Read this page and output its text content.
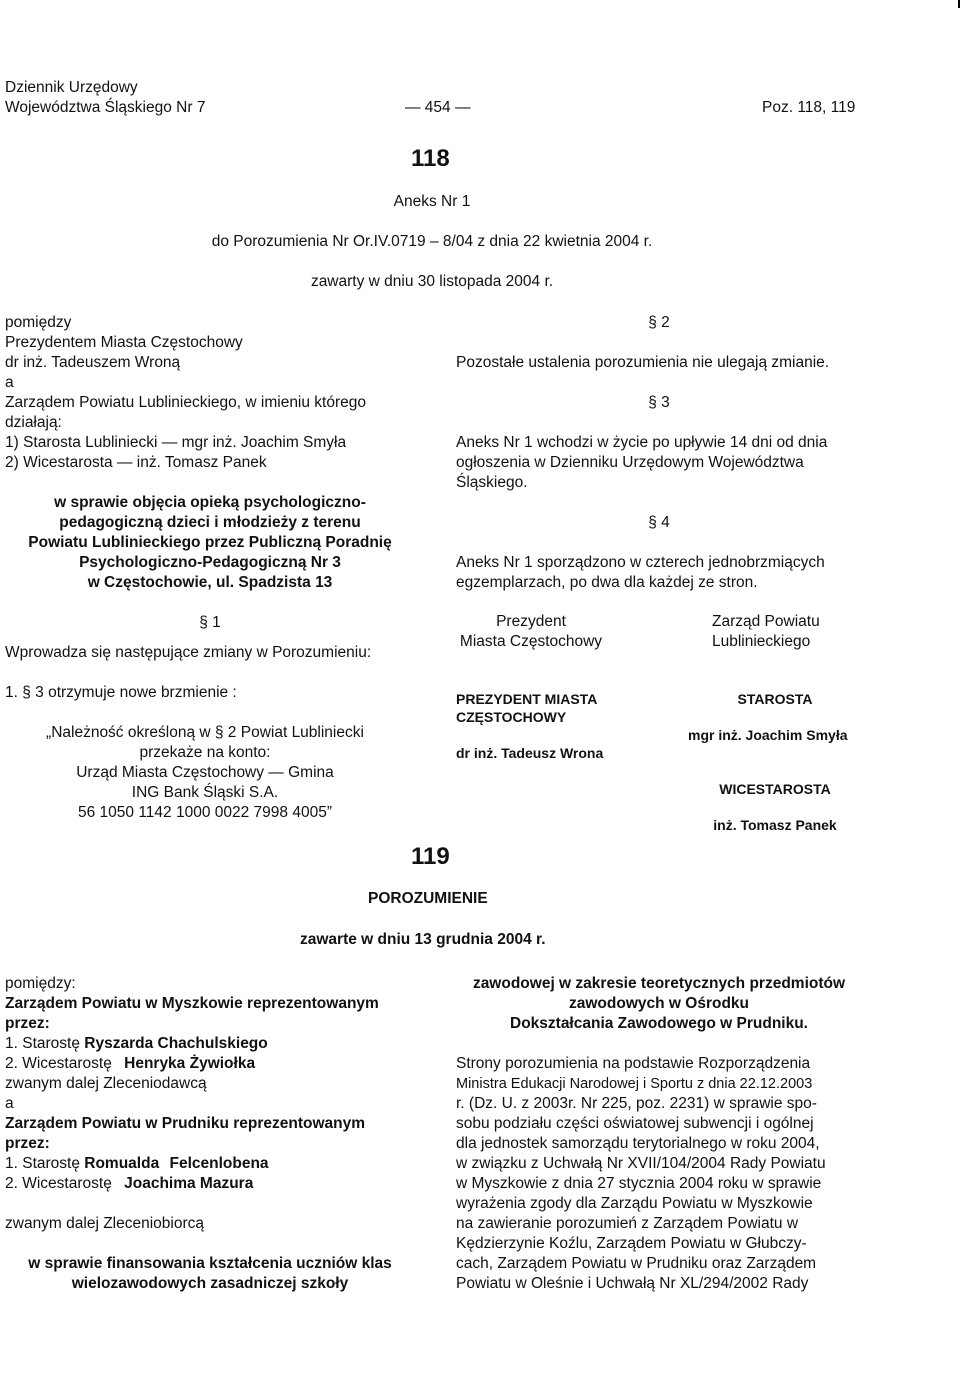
Dziennik Urzędowy
Województwa Śląskiego Nr 7	— 454 —	Poz. 118, 119
118
Aneks Nr 1
do Porozumienia Nr Or.IV.0719 – 8/04 z dnia 22 kwietnia 2004 r.
zawarty w dniu 30 listopada 2004 r.

pomiędzy

Prezydentem Miasta Częstochowy

dr inż. Tadeuszem Wroną

a

Zarządem Powiatu Lublinieckiego, w imieniu którego

działają:

1) Starosta Lubliniecki — mgr inż. Joachim Smyła

2) Wicestarosta — inż. Tomasz Panek

w sprawie objęcia opieką psychologiczno-

pedagogiczną dzieci i młodzieży z terenu

Powiatu Lublinieckiego przez Publiczną Poradnię

Psychologiczno-Pedagogiczną Nr 3

w Częstochowie, ul. Spadzista 13

§ 1

Wprowadza się następujące zmiany w Porozumieniu:

1. § 3 otrzymuje nowe brzmienie :

„Należność określoną w § 2 Powiat Lubliniecki

przekaże na konto:

Urząd Miasta Częstochowy — Gmina

ING Bank Śląski S.A.

56 1050 1142 1000 0022 7998 4005”

§ 2

Pozostałe ustalenia porozumienia nie ulegają zmianie.

§ 3

Aneks Nr 1 wchodzi w życie po upływie 14 dni od dnia

ogłoszenia w Dzienniku Urzędowym Województwa

Śląskiego.

§ 4

Aneks Nr 1 sporządzono w czterech jednobrzmiących

egzemplarzach, po dwa dla każdej ze stron.

Prezydent
Miasta Częstochowy
Zarząd Powiatu
Lublinieckiego
PREZYDENT MIASTA
CZĘSTOCHOWY
dr inż. Tadeusz Wrona
STAROSTA
mgr inż. Joachim Smyła
WICESTAROSTA
inż. Tomasz Panek
119
POROZUMIENIE
zawarte w dniu 13 grudnia 2004 r.

pomiędzy:

Zarządem Powiatu w Myszkowie reprezentowanym

przez:

1. Starostę Ryszarda Chachulskiego

2. Wicestarostę Henryka Żywiołka

zwanym dalej Zleceniodawcą

a

Zarządem Powiatu w Prudniku reprezentowanym

przez:

1. Starostę Romualda Felcenlobena

2. Wicestarostę Joachima Mazura

zwanym dalej Zleceniobiorcą

w sprawie finansowania kształcenia uczniów klas

wielozawodowych zasadniczej szkoły

zawodowej w zakresie teoretycznych przedmiotów

zawodowych w Ośrodku

Dokształcania Zawodowego w Prudniku.

Strony porozumienia na podstawie Rozporządzenia

Ministra Edukacji Narodowej i Sportu z dnia 22.12.2003

r. (Dz. U. z 2003r. Nr 225, poz. 2231) w sprawie spo-

sobu podziału części oświatowej subwencji i ogólnej

dla jednostek samorządu terytorialnego w roku 2004,

w związku z Uchwałą Nr XVII/104/2004 Rady Powiatu

w Myszkowie z dnia 27 stycznia 2004 roku w sprawie

wyrażenia zgody dla Zarządu Powiatu w Myszkowie

na zawieranie porozumień z Zarządem Powiatu w

Kędzierzynie Koźlu, Zarządem Powiatu w Głubczy-

cach, Zarządem Powiatu w Prudniku oraz Zarządem

Powiatu w Oleśnie i Uchwałą Nr XL/294/2002 Rady
